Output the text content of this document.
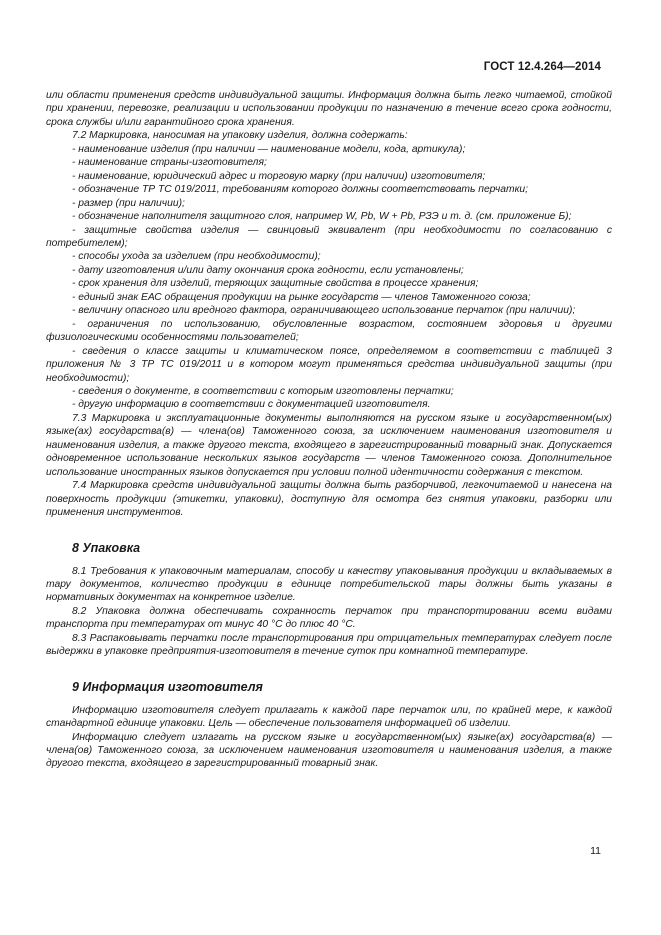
ГОСТ 12.4.264—2014

или области применения средств индивидуальной защиты. Информация должна быть легко читаемой, стойкой при хранении, перевозке, реализации и использовании продукции по назначению в течение всего срока годности, срока службы и/или гарантийного срока хранения.

7.2 Маркировка, наносимая на упаковку изделия, должна содержать:

- наименование изделия (при наличии — наименование модели, кода, артикула);

- наименование страны-изготовителя;

- наименование, юридический адрес и торговую марку (при наличии) изготовителя;

- обозначение ТР ТС 019/2011, требованиям которого должны соответствовать перчатки;

- размер (при наличии);

- обозначение наполнителя защитного слоя, например W, Pb, W + Pb, РЗЭ и т. д. (см. приложение Б);

- защитные свойства изделия — свинцовый эквивалент (при необходимости по согласованию с потребителем);

- способы ухода за изделием (при необходимости);

- дату изготовления и/или дату окончания срока годности, если установлены;

- срок хранения для изделий, теряющих защитные свойства в процессе хранения;

- единый знак ЕАС обращения продукции на рынке государств — членов Таможенного союза;

- величину опасного или вредного фактора, ограничивающего использование перчаток (при наличии);

- ограничения по использованию, обусловленные возрастом, состоянием здоровья и другими физиологическими особенностями пользователей;

- сведения о классе защиты и климатическом поясе, определяемом в соответствии с таблицей 3 приложения № 3 ТР ТС 019/2011 и в котором могут применяться средства индивидуальной защиты (при необходимости);

- сведения о документе, в соответствии с которым изготовлены перчатки;

- другую информацию в соответствии с документацией изготовителя.

7.3 Маркировка и эксплуатационные документы выполняются на русском языке и государственном(ых) языке(ах) государства(в) — члена(ов) Таможенного союза, за исключением наименования изготовителя и наименования изделия, а также другого текста, входящего в зарегистрированный товарный знак. Допускается одновременное использование нескольких языков государств — членов Таможенного союза. Дополнительное использование иностранных языков допускается при условии полной идентичности содержания с текстом.

7.4 Маркировка средств индивидуальной защиты должна быть разборчивой, легкочитаемой и нанесена на поверхность продукции (этикетки, упаковки), доступную для осмотра без снятия упаковки, разборки или применения инструментов.

8 Упаковка

8.1 Требования к упаковочным материалам, способу и качеству упаковывания продукции и вкладываемых в тару документов, количество продукции в единице потребительской тары должны быть указаны в нормативных документах на конкретное изделие.

8.2 Упаковка должна обеспечивать сохранность перчаток при транспортировании всеми видами транспорта при температурах от минус 40 °С до плюс 40 °С.

8.3 Распаковывать перчатки после транспортирования при отрицательных температурах следует после выдержки в упаковке предприятия-изготовителя в течение суток при комнатной температуре.

9 Информация изготовителя

Информацию изготовителя следует прилагать к каждой паре перчаток или, по крайней мере, к каждой стандартной единице упаковки. Цель — обеспечение пользователя информацией об изделии.

Информацию следует излагать на русском языке и государственном(ых) языке(ах) государства(в) — члена(ов) Таможенного союза, за исключением наименования изготовителя и наименования изделия, а также другого текста, входящего в зарегистрированный товарный знак.

11
